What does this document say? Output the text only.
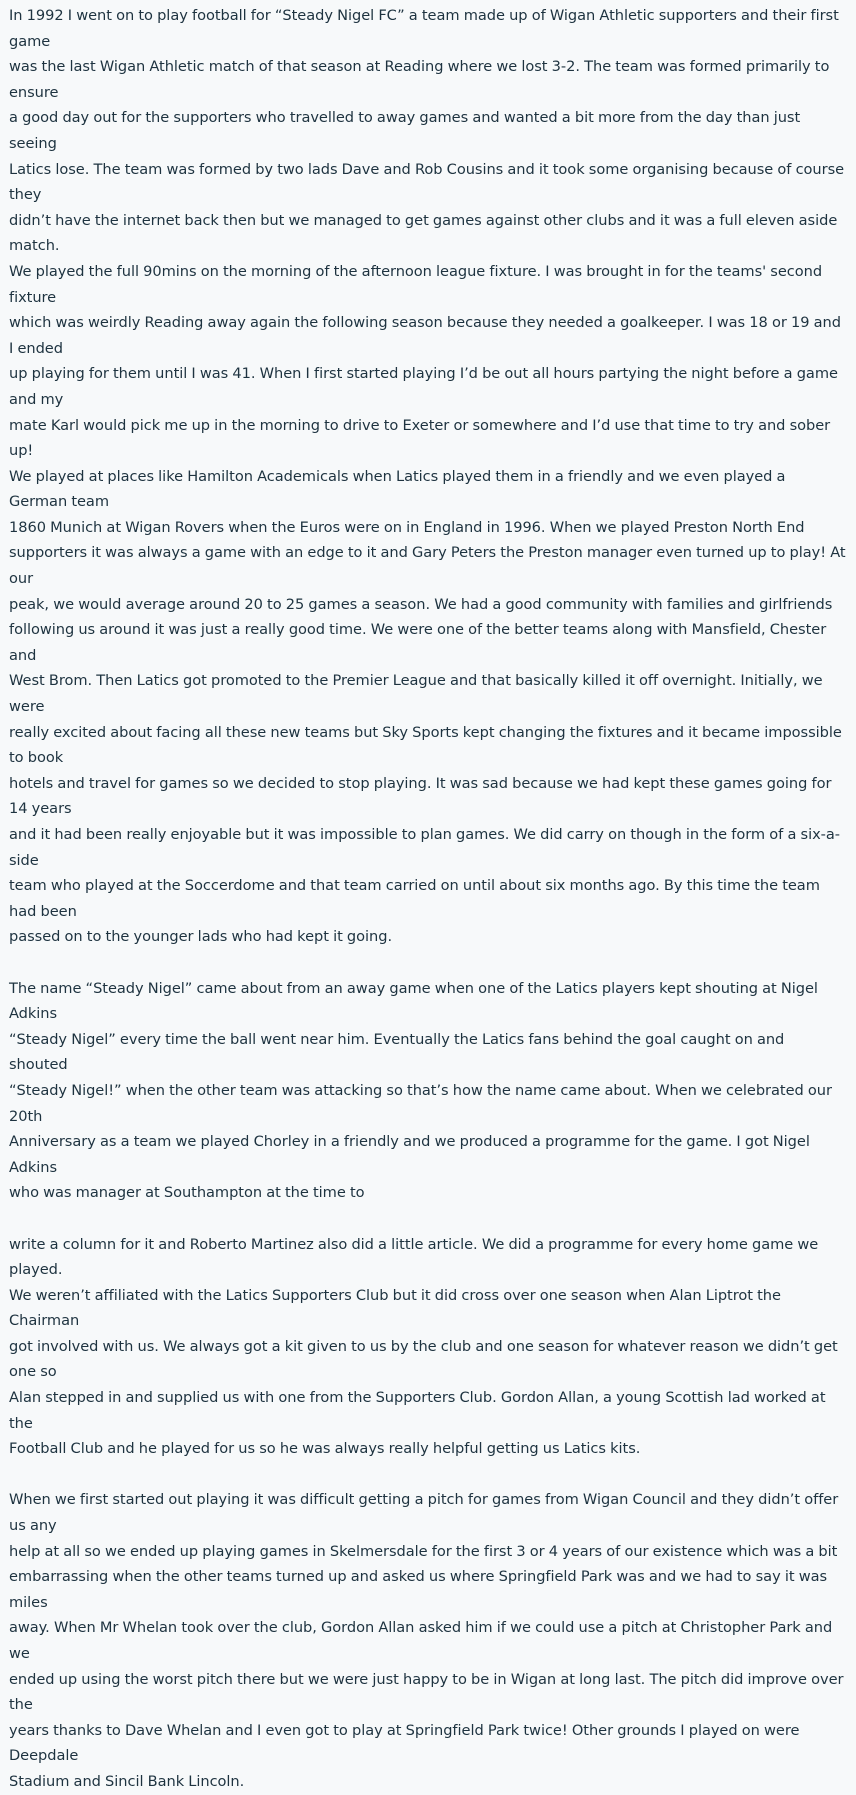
In 1992 I went on to play football for “Steady Nigel FC” a team made up of Wigan Athletic supporters and their first game
was the last Wigan Athletic match of that season at Reading where we lost 3-2. The team was formed primarily to ensure
a good day out for the supporters who travelled to away games and wanted a bit more from the day than just seeing
Latics lose. The team was formed by two lads Dave and Rob Cousins and it took some organising because of course they
didn’t have the internet back then but we managed to get games against other clubs and it was a full eleven aside match.
We played the full 90mins on the morning of the afternoon league fixture. I was brought in for the teams' second fixture
which was weirdly Reading away again the following season because they needed a goalkeeper. I was 18 or 19 and I ended
up playing for them until I was 41. When I first started playing I’d be out all hours partying the night before a game and my
mate Karl would pick me up in the morning to drive to Exeter or somewhere and I’d use that time to try and sober up!
We played at places like Hamilton Academicals when Latics played them in a friendly and we even played a German team
1860 Munich at Wigan Rovers when the Euros were on in England in 1996. When we played Preston North End
supporters it was always a game with an edge to it and Gary Peters the Preston manager even turned up to play! At our
peak, we would average around 20 to 25 games a season. We had a good community with families and girlfriends
following us around it was just a really good time. We were one of the better teams along with Mansfield, Chester and
West Brom. Then Latics got promoted to the Premier League and that basically killed it off overnight. Initially, we were
really excited about facing all these new teams but Sky Sports kept changing the fixtures and it became impossible to book
hotels and travel for games so we decided to stop playing. It was sad because we had kept these games going for 14 years
and it had been really enjoyable but it was impossible to plan games. We did carry on though in the form of a six-a-side
team who played at the Soccerdome and that team carried on until about six months ago. By this time the team had been
passed on to the younger lads who had kept it going.

The name “Steady Nigel” came about from an away game when one of the Latics players kept shouting at Nigel Adkins
“Steady Nigel” every time the ball went near him. Eventually the Latics fans behind the goal caught on and shouted
“Steady Nigel!” when the other team was attacking so that’s how the name came about. When we celebrated our 20th
Anniversary as a team we played Chorley in a friendly and we produced a programme for the game. I got Nigel Adkins
who was manager at Southampton at the time to

write a column for it and Roberto Martinez also did a little article. We did a programme for every home game we played.
We weren’t affiliated with the Latics Supporters Club but it did cross over one season when Alan Liptrot the Chairman
got involved with us. We always got a kit given to us by the club and one season for whatever reason we didn’t get one so
Alan stepped in and supplied us with one from the Supporters Club. Gordon Allan, a young Scottish lad worked at the
Football Club and he played for us so he was always really helpful getting us Latics kits.

When we first started out playing it was difficult getting a pitch for games from Wigan Council and they didn’t offer us any
help at all so we ended up playing games in Skelmersdale for the first 3 or 4 years of our existence which was a bit
embarrassing when the other teams turned up and asked us where Springfield Park was and we had to say it was miles
away. When Mr Whelan took over the club, Gordon Allan asked him if we could use a pitch at Christopher Park and we
ended up using the worst pitch there but we were just happy to be in Wigan at long last. The pitch did improve over the
years thanks to Dave Whelan and I even got to play at Springfield Park twice! Other grounds I played on were Deepdale
Stadium and Sincil Bank Lincoln.
